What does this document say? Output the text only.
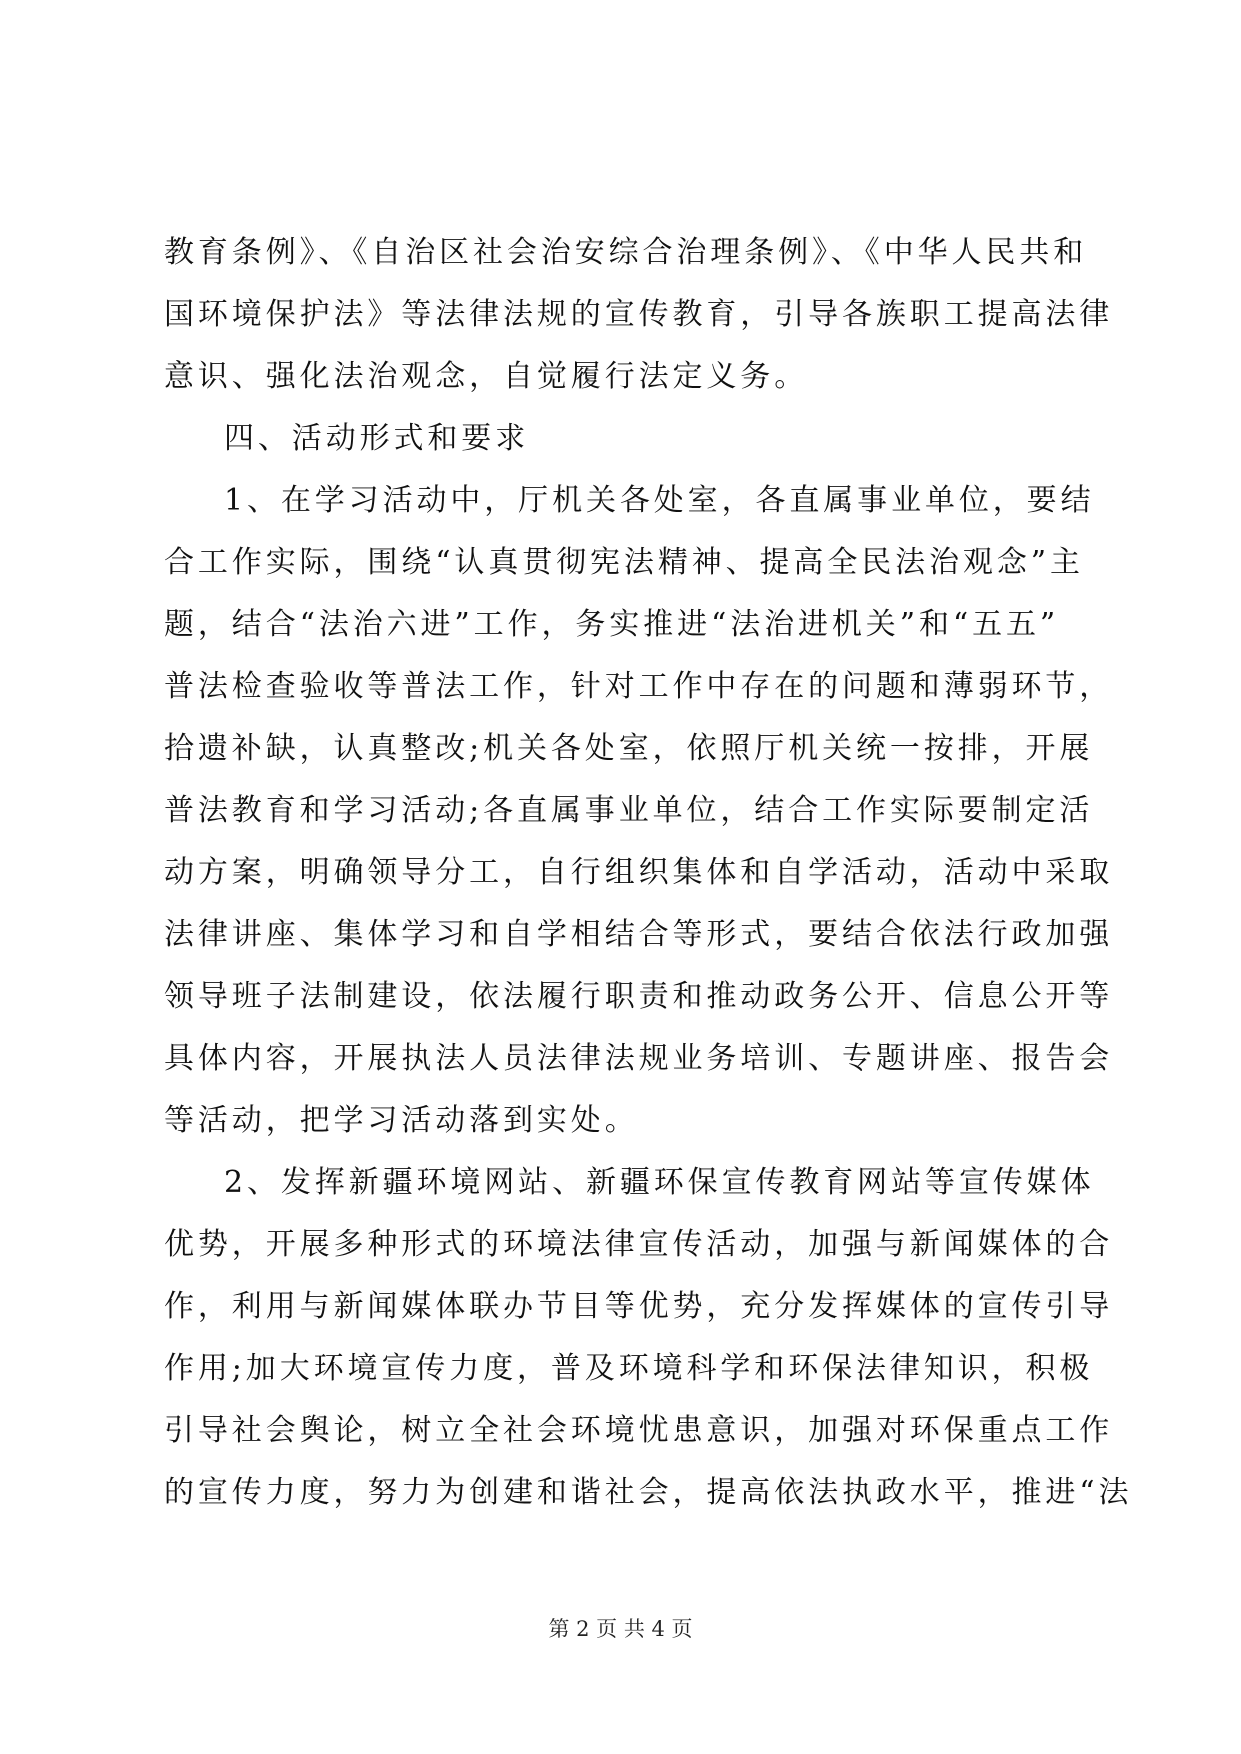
教育条例》、《自治区社会治安综合治理条例》、《中华人民共和
国环境保护法》等法律法规的宣传教育，引导各族职工提高法律
意识、强化法治观念，自觉履行法定义务。
四、活动形式和要求
1、在学习活动中，厅机关各处室，各直属事业单位，要结
合工作实际，围绕“认真贯彻宪法精神、提高全民法治观念”主
题，结合“法治六进”工作，务实推进“法治进机关”和“五五”
普法检查验收等普法工作，针对工作中存在的问题和薄弱环节，
拾遗补缺，认真整改;机关各处室，依照厅机关统一按排，开展
普法教育和学习活动;各直属事业单位，结合工作实际要制定活
动方案，明确领导分工，自行组织集体和自学活动，活动中采取
法律讲座、集体学习和自学相结合等形式，要结合依法行政加强
领导班子法制建设，依法履行职责和推动政务公开、信息公开等
具体内容，开展执法人员法律法规业务培训、专题讲座、报告会
等活动，把学习活动落到实处。
2、发挥新疆环境网站、新疆环保宣传教育网站等宣传媒体
优势，开展多种形式的环境法律宣传活动，加强与新闻媒体的合
作，利用与新闻媒体联办节目等优势，充分发挥媒体的宣传引导
作用;加大环境宣传力度，普及环境科学和环保法律知识，积极
引导社会舆论，树立全社会环境忧患意识，加强对环保重点工作
的宣传力度，努力为创建和谐社会，提高依法执政水平，推进“法
第 2 页 共 4 页
